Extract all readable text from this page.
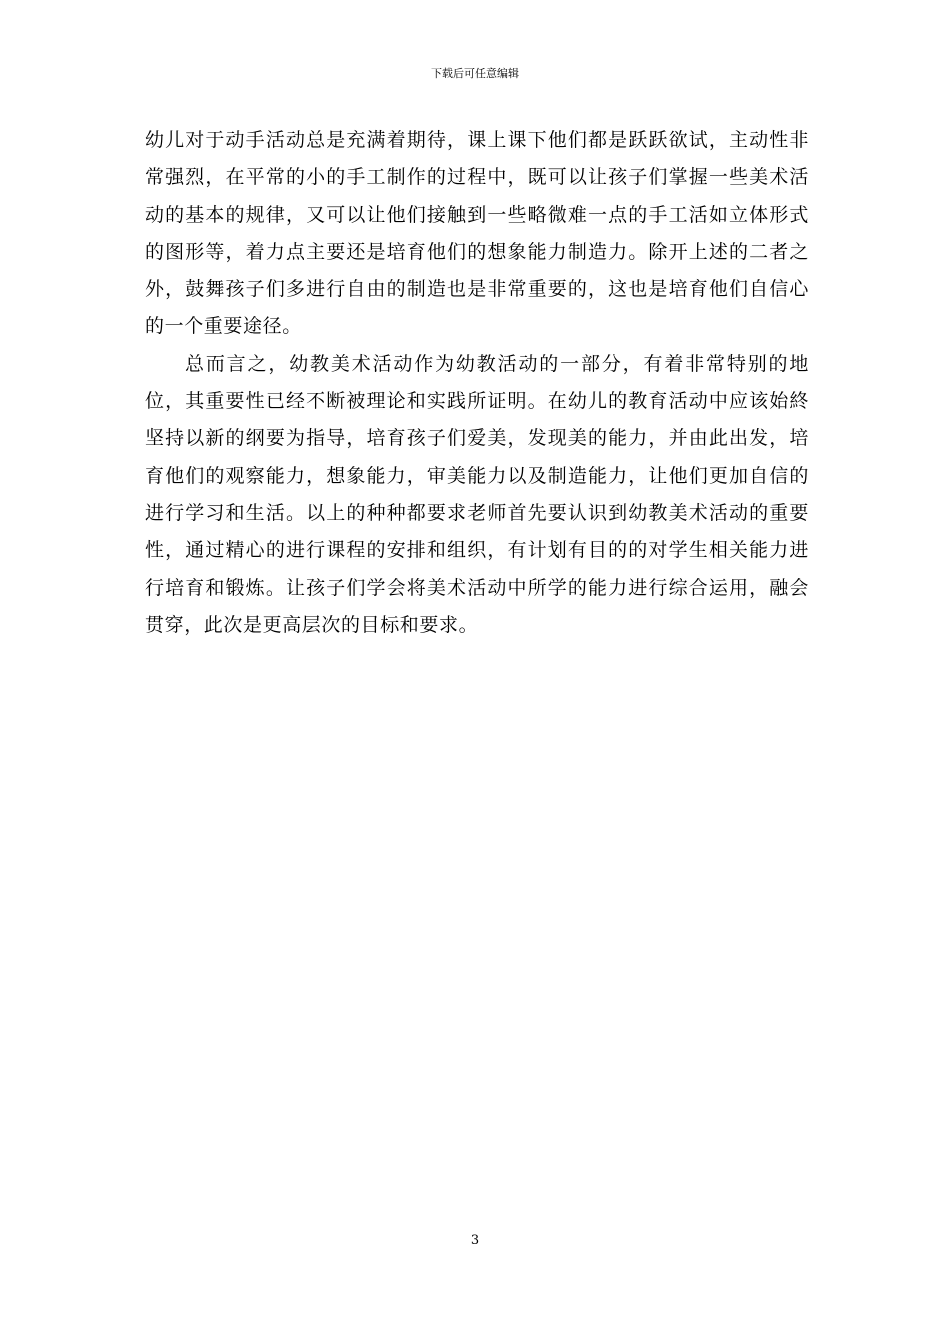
下载后可任意编辑

幼儿对于动手活动总是充满着期待，课上课下他们都是跃跃欲试，主动性非常强烈，在平常的小的手工制作的过程中，既可以让孩子们掌握一些美术活动的基本的规律，又可以让他们接触到一些略微难一点的手工活如立体形式的图形等，着力点主要还是培育他们的想象能力制造力。除开上述的二者之外，鼓舞孩子们多进行自由的制造也是非常重要的，这也是培育他们自信心的一个重要途径。

总而言之，幼教美术活动作为幼教活动的一部分，有着非常特别的地位，其重要性已经不断被理论和实践所证明。在幼儿的教育活动中应该始終坚持以新的纲要为指导，培育孩子们爱美，发现美的能力，并由此出发，培育他们的观察能力，想象能力，审美能力以及制造能力，让他们更加自信的进行学习和生活。以上的种种都要求老师首先要认识到幼教美术活动的重要性，通过精心的进行课程的安排和组织，有计划有目的的对学生相关能力进行培育和锻炼。让孩子们学会将美术活动中所学的能力进行综合运用，融会贯穿，此次是更高层次的目标和要求。

3
